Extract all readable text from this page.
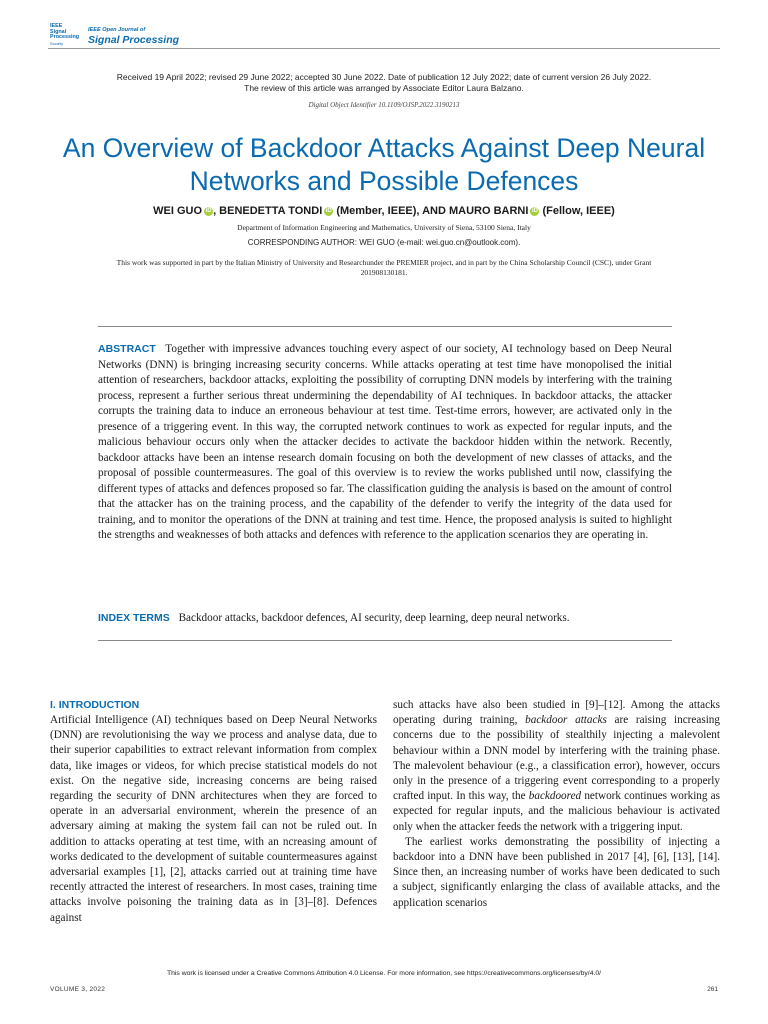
IEEE
Signal
Processing
Society
IEEE Open Journal of
Signal Processing
Received 19 April 2022; revised 29 June 2022; accepted 30 June 2022. Date of publication 12 July 2022; date of current version 26 July 2022. The review of this article was arranged by Associate Editor Laura Balzano.
Digital Object Identifier 10.1109/OJSP.2022.3190213
An Overview of Backdoor Attacks Against Deep Neural Networks and Possible Defences
WEI GUO iD , BENEDETTA TONDI iD (Member, IEEE), AND MAURO BARNI iD (Fellow, IEEE)
Department of Information Engineering and Mathematics, University of Siena, 53100 Siena, Italy
CORRESPONDING AUTHOR: WEI GUO (e-mail: wei.guo.cn@outlook.com).
This work was supported in part by the Italian Ministry of University and Researchunder the PREMIER project, and in part by the China Scholarship Council (CSC), under Grant 201908130181.
ABSTRACT Together with impressive advances touching every aspect of our society, AI technology based on Deep Neural Networks (DNN) is bringing increasing security concerns. While attacks operating at test time have monopolised the initial attention of researchers, backdoor attacks, exploiting the possibility of corrupting DNN models by interfering with the training process, represent a further serious threat undermining the dependability of AI techniques. In backdoor attacks, the attacker corrupts the training data to induce an erroneous behaviour at test time. Test-time errors, however, are activated only in the presence of a triggering event. In this way, the corrupted network continues to work as expected for regular inputs, and the malicious behaviour occurs only when the attacker decides to activate the backdoor hidden within the network. Recently, backdoor attacks have been an intense research domain focusing on both the development of new classes of attacks, and the proposal of possible countermeasures. The goal of this overview is to review the works published until now, classifying the different types of attacks and defences proposed so far. The classification guiding the analysis is based on the amount of control that the attacker has on the training process, and the capability of the defender to verify the integrity of the data used for training, and to monitor the operations of the DNN at training and test time. Hence, the proposed analysis is suited to highlight the strengths and weaknesses of both attacks and defences with reference to the application scenarios they are operating in.
INDEX TERMS Backdoor attacks, backdoor defences, AI security, deep learning, deep neural networks.
I. INTRODUCTION

Artificial Intelligence (AI) techniques based on Deep Neural Networks (DNN) are revolutionising the way we process and analyse data, due to their superior capabilities to extract relevant information from complex data, like images or videos, for which precise statistical models do not exist. On the negative side, increasing concerns are being raised regarding the security of DNN architectures when they are forced to operate in an adversarial environment, wherein the presence of an adversary aiming at making the system fail can not be ruled out. In addition to attacks operating at test time, with an ncreasing amount of works dedicated to the development of suitable countermeasures against adversarial examples [1], [2], attacks carried out at training time have recently attracted the interest of researchers. In most cases, training time attacks involve poisoning the training data as in [3]–[8]. Defences against

such attacks have also been studied in [9]–[12]. Among the attacks operating during training, backdoor attacks are raising increasing concerns due to the possibility of stealthily injecting a malevolent behaviour within a DNN model by interfering with the training phase. The malevolent behaviour (e.g., a classification error), however, occurs only in the presence of a triggering event corresponding to a properly crafted input. In this way, the backdoored network continues working as expected for regular inputs, and the malicious behaviour is activated only when the attacker feeds the network with a triggering input.

The earliest works demonstrating the possibility of injecting a backdoor into a DNN have been published in 2017 [4], [6], [13], [14]. Since then, an increasing number of works have been dedicated to such a subject, significantly enlarging the class of available attacks, and the application scenarios

This work is licensed under a Creative Commons Attribution 4.0 License. For more information, see https://creativecommons.org/licenses/by/4.0/
VOLUME 3, 2022	261
